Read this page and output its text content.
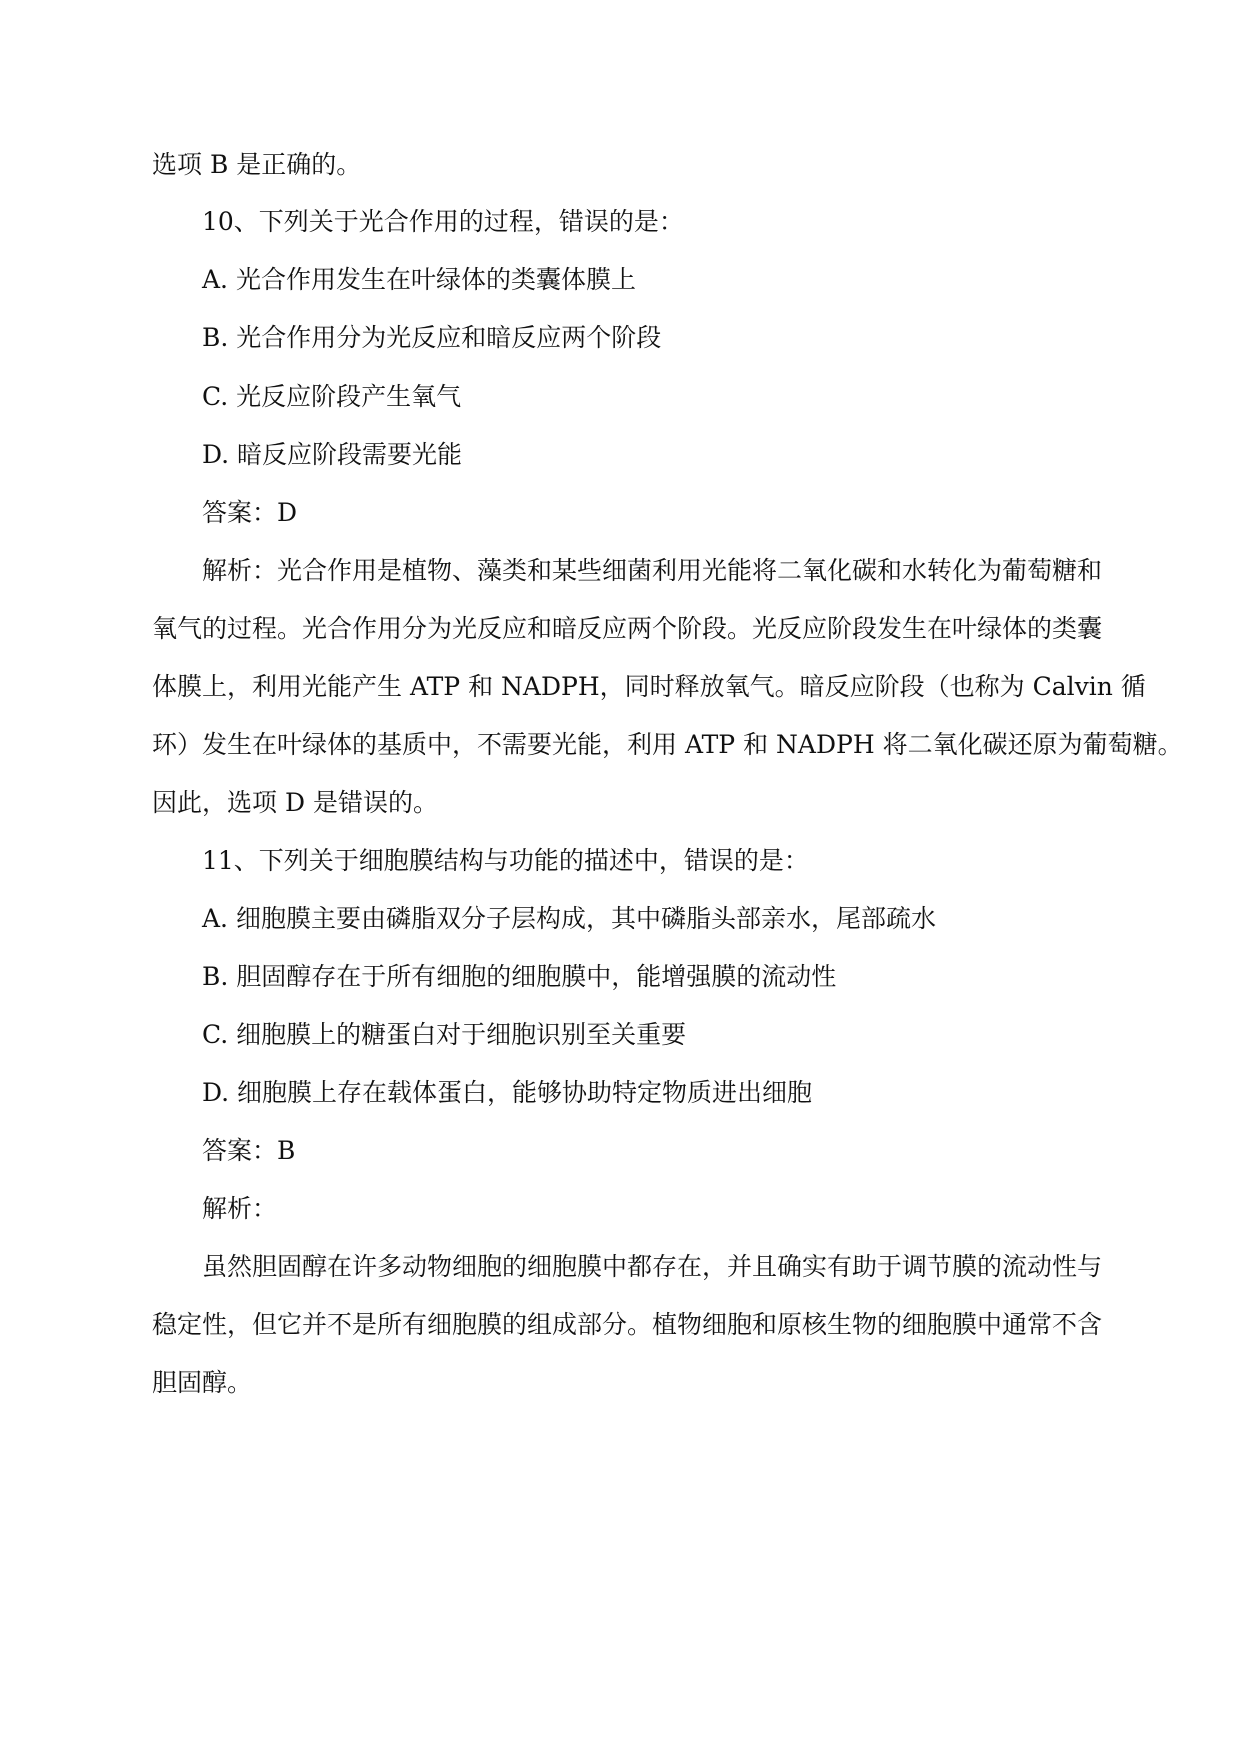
选项 B 是正确的。
10、下列关于光合作用的过程，错误的是：
A. 光合作用发生在叶绿体的类囊体膜上
B. 光合作用分为光反应和暗反应两个阶段
C. 光反应阶段产生氧气
D. 暗反应阶段需要光能
答案：D
解析：光合作用是植物、藻类和某些细菌利用光能将二氧化碳和水转化为葡萄糖和
氧气的过程。光合作用分为光反应和暗反应两个阶段。光反应阶段发生在叶绿体的类囊
体膜上，利用光能产生 ATP 和 NADPH，同时释放氧气。暗反应阶段（也称为 Calvin 循
环）发生在叶绿体的基质中，不需要光能，利用 ATP 和 NADPH 将二氧化碳还原为葡萄糖。
因此，选项 D 是错误的。
11、下列关于细胞膜结构与功能的描述中，错误的是：
A. 细胞膜主要由磷脂双分子层构成，其中磷脂头部亲水，尾部疏水
B. 胆固醇存在于所有细胞的细胞膜中，能增强膜的流动性
C. 细胞膜上的糖蛋白对于细胞识别至关重要
D. 细胞膜上存在载体蛋白，能够协助特定物质进出细胞
答案：B
解析：
虽然胆固醇在许多动物细胞的细胞膜中都存在，并且确实有助于调节膜的流动性与
稳定性，但它并不是所有细胞膜的组成部分。植物细胞和原核生物的细胞膜中通常不含
胆固醇。
